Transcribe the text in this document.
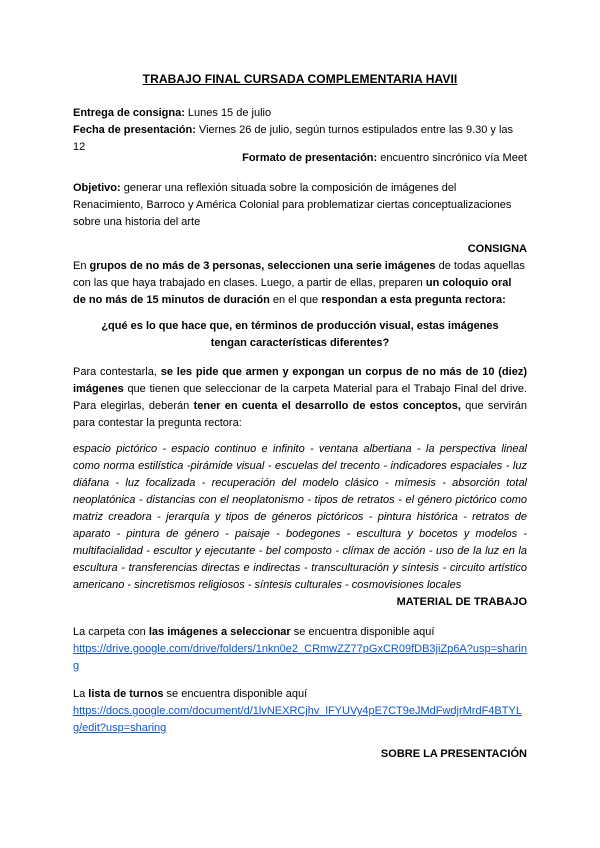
TRABAJO FINAL CURSADA COMPLEMENTARIA HAVII
Entrega de consigna: Lunes 15 de julio
Fecha de presentación: Viernes 26 de julio, según turnos estipulados entre las 9.30 y las 12
Formato de presentación: encuentro sincrónico vía Meet
Objetivo: generar una reflexión situada sobre la composición de imágenes del Renacimiento, Barroco y América Colonial para problematizar ciertas conceptualizaciones sobre una historia del arte
CONSIGNA
En grupos de no más de 3 personas, seleccionen una serie imágenes de todas aquellas con las que haya trabajado en clases. Luego, a partir de ellas, preparen un coloquio oral de no más de 15 minutos de duración en el que respondan a esta pregunta rectora:
¿qué es lo que hace que, en términos de producción visual, estas imágenes tengan características diferentes?
Para contestarla, se les pide que armen y expongan un corpus de no más de 10 (diez) imágenes que tienen que seleccionar de la carpeta Material para el Trabajo Final del drive. Para elegirlas, deberán tener en cuenta el desarrollo de estos conceptos, que servirán para contestar la pregunta rectora:
espacio pictórico - espacio continuo e infinito - ventana albertiana - la perspectiva lineal como norma estilística -pirámide visual - escuelas del trecento - indicadores espaciales - luz diáfana - luz focalizada - recuperación del modelo clásico - mímesis - absorción total neoplatónica - distancias con el neoplatonismo - tipos de retratos - el género pictórico como matriz creadora - jerarquía y tipos de géneros pictóricos - pintura histórica - retratos de aparato - pintura de género - paisaje - bodegones - escultura y bocetos y modelos - multifacialidad - escultor y ejecutante - bel composto - clímax de acción - uso de la luz en la escultura - transferencias directas e indirectas - transculturación y síntesis - circuito artístico americano - sincretismos religiosos - síntesis culturales - cosmovisiones locales
MATERIAL DE TRABAJO
La carpeta con las imágenes a seleccionar se encuentra disponible aquí
https://drive.google.com/drive/folders/1nkn0e2_CRmwZZ77pGxCR09fDB3jiZp6A?usp=sharing
La lista de turnos se encuentra disponible aquí
https://docs.google.com/document/d/1lvNEXRCjhv_lFYUVy4pE7CT9eJMdFwdjrMrdF4BTYLg/edit?usp=sharing
SOBRE LA PRESENTACIÓN
